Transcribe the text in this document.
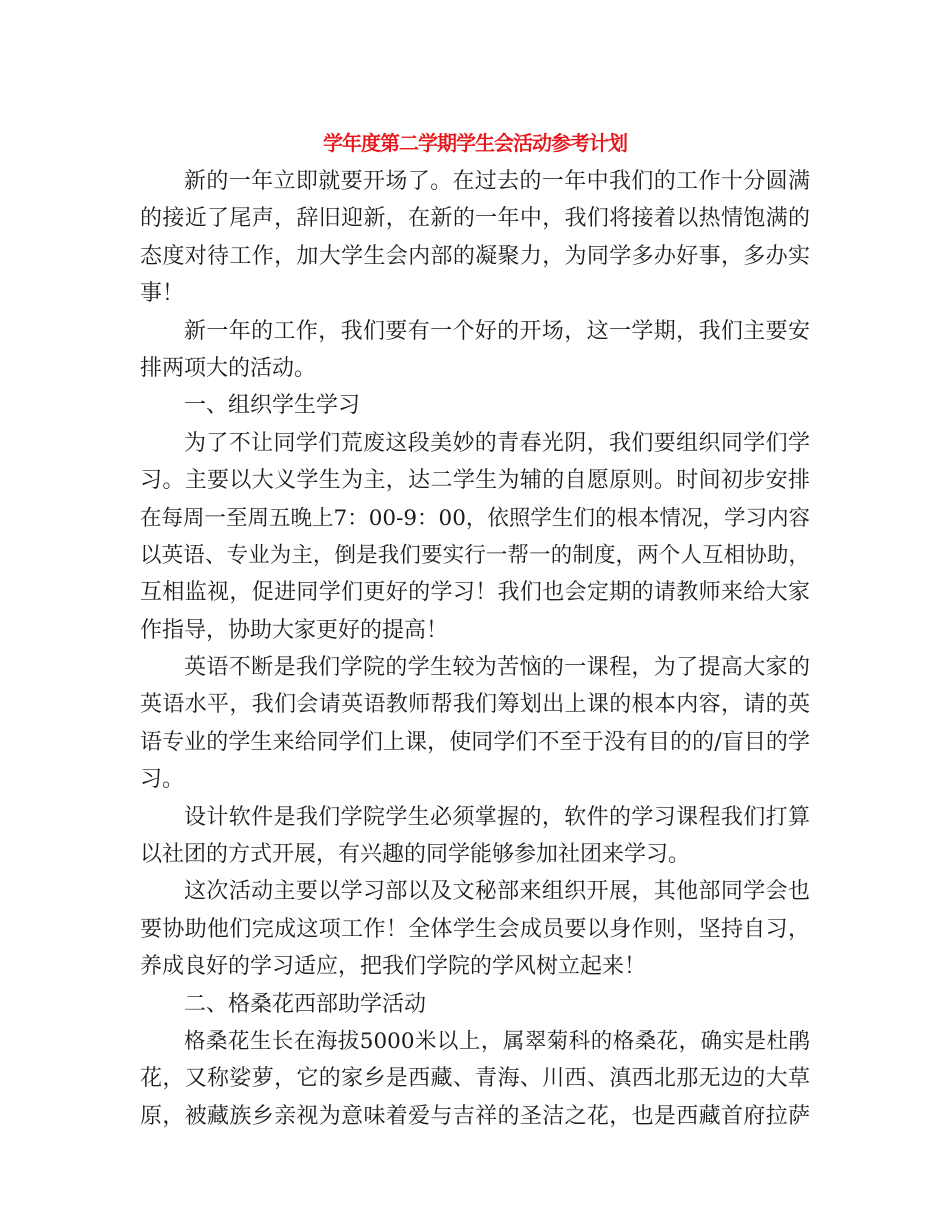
学年度第二学期学生会活动参考计划
新的一年立即就要开场了。在过去的一年中我们的工作十分圆满
的接近了尾声，辞旧迎新，在新的一年中，我们将接着以热情饱满的
态度对待工作，加大学生会内部的凝聚力，为同学多办好事，多办实
事！
新一年的工作，我们要有一个好的开场，这一学期，我们主要安
排两项大的活动。
一、组织学生学习
为了不让同学们荒废这段美妙的青春光阴，我们要组织同学们学
习。主要以大义学生为主，达二学生为辅的自愿原则。时间初步安排
在每周一至周五晚上7：00-9：00，依照学生们的根本情况，学习内容
以英语、专业为主，倒是我们要实行一帮一的制度，两个人互相协助，
互相监视，促进同学们更好的学习！我们也会定期的请教师来给大家
作指导，协助大家更好的提高！
英语不断是我们学院的学生较为苦恼的一课程，为了提高大家的
英语水平，我们会请英语教师帮我们筹划出上课的根本内容，请的英
语专业的学生来给同学们上课，使同学们不至于没有目的的/盲目的学
习。
设计软件是我们学院学生必须掌握的，软件的学习课程我们打算
以社团的方式开展，有兴趣的同学能够参加社团来学习。
这次活动主要以学习部以及文秘部来组织开展，其他部同学会也
要协助他们完成这项工作！全体学生会成员要以身作则，坚持自习，
养成良好的学习适应，把我们学院的学风树立起来！
二、格桑花西部助学活动
格桑花生长在海拔5000米以上，属翠菊科的格桑花，确实是杜鹃
花，又称娑萝，它的家乡是西藏、青海、川西、滇西北那无边的大草
原，被藏族乡亲视为意味着爱与吉祥的圣洁之花，也是西藏首府拉萨
